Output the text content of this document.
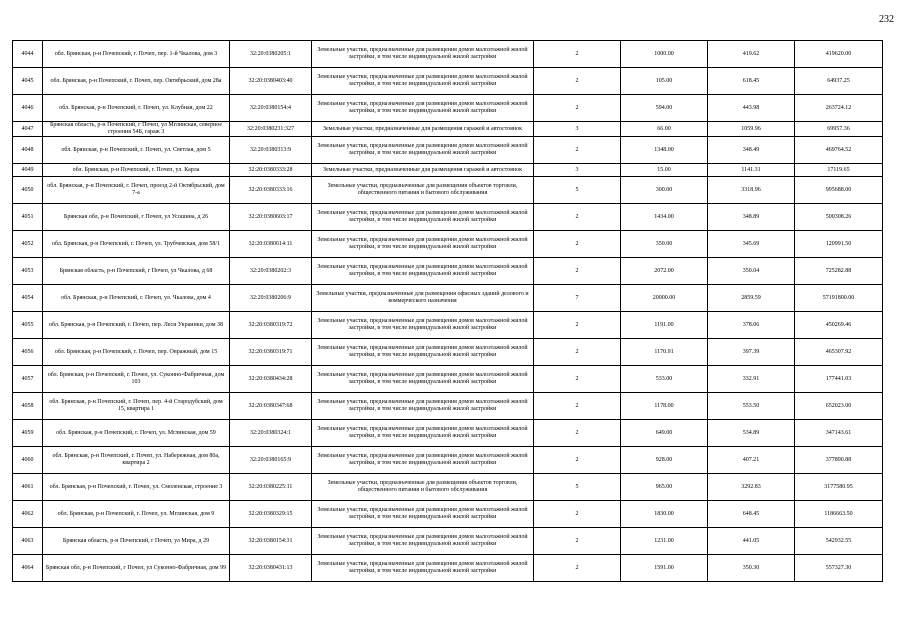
232
4044	обл. Брянская, р-н Почепский, г. Почеп, пер. 1-й Чкалова, дом 3	32:20:0380205:1	Земельные участки, предназначенные для размещения домов малоэтажной жилой застройки, в том числе индивидуальной жилой застройки	2	1000.00	419.62	419620.00
4045	обл. Брянская, р-н Почепский, г. Почеп, пер. Октябрьский, дом 28а	32:20:0380403:40	Земельные участки, предназначенные для размещения домов малоэтажной жилой застройки, в том числе индивидуальной жилой застройки	2	105.00	618.45	64937.25
4046	обл. Брянская, р-н Почепский, г. Почеп, ул. Клубная, дом 22	32:20:0380154:4	Земельные участки, предназначенные для размещения домов малоэтажной жилой застройки, в том числе индивидуальной жилой застройки	2	594.00	443.98	263724.12
4047	Брянская область, р-н Почепский, г Почеп, ул Мглинская, северное строения 54Б, гараж 3	32:20:0380231:327	Земельные участки, предназначенные для размещения гаражей и автостоянок	3	66.00	1059.96	69957.36
4048	обл. Брянская, р-н Почепский, г. Почеп, ул. Светлая, дом 5	32:20:0380313:9	Земельные участки, предназначенные для размещения домов малоэтажной жилой застройки, в том числе индивидуальной жилой застройки	2	1348.00	348.49	469764.52
4049	обл. Брянская, р-н Почепский, г. Почеп, ул. Карла	32:20:0380333:28	Земельные участки, предназначенные для размещения гаражей и автостоянок	3	15.00	1141.31	17119.65
4050	обл. Брянская, р-н Почепский, г. Почеп, проезд 2-й Октябрьский, дом 7-а	32:20:0380333:16	Земельные участки, предназначенные для размещения объектов торговли, общественного питания и бытового обслуживания	5	300.00	3318.96	995688.00
4051	Брянская обл, р-н Почепский, г Почеп, ул Усошина, д 26	32:20:0380603:17	Земельные участки, предназначенные для размещения домов малоэтажной жилой застройки, в том числе индивидуальной жилой застройки	2	1434.00	348.89	500308.26
4052	обл. Брянская, р-н Почепский, г. Почеп, ул. Трубчевская, дом 58/1	32:20:0380614:11	Земельные участки, предназначенные для размещения домов малоэтажной жилой застройки, в том числе индивидуальной жилой застройки	2	350.00	345.69	120991.50
4053	Брянская область, р-н Почепский, г Почеп, ул Чкалова, д 68	32:20:0380202:3	Земельные участки, предназначенные для размещения домов малоэтажной жилой застройки, в том числе индивидуальной жилой застройки	2	2072.00	350.04	725282.88
4054	обл. Брянская, р-н Почепский, г. Почеп, ул. Чкалова, дом 4	32:20:0380206:9	Земельные участки, предназначенные для размещения офисных зданий делового и коммерческого назначения	7	20000.00	2859.59	57191800.00
4055	обл. Брянская, р-н Почепский, г. Почеп, пер. Леси Украинки, дом 38	32:20:0380319:72	Земельные участки, предназначенные для размещения домов малоэтажной жилой застройки, в том числе индивидуальной жилой застройки	2	1191.00	378.06	450269.46
4056	обл. Брянская, р-н Почепский, г. Почеп, пер. Овражный, дом 15	32:20:0380319:71	Земельные участки, предназначенные для размещения домов малоэтажной жилой застройки, в том числе индивидуальной жилой застройки	2	1170.91	397.39	465307.92
4057	обл. Брянская, р-н Почепский, г. Почеп, ул. Суконно-Фабричная, дом 103	32:20:0380434:28	Земельные участки, предназначенные для размещения домов малоэтажной жилой застройки, в том числе индивидуальной жилой застройки	2	533.00	332.91	177441.03
4058	обл. Брянская, р-н Почепский, г. Почеп, пер. 4-й Стародубский, дом 15, квартира 1	32:20:0380347:68	Земельные участки, предназначенные для размещения домов малоэтажной жилой застройки, в том числе индивидуальной жилой застройки	2	1178.00	553.50	652023.00
4059	обл. Брянская, р-н Почепский, г. Почеп, ул. Мглинская, дом 59	32:20:0380324:1	Земельные участки, предназначенные для размещения домов малоэтажной жилой застройки, в том числе индивидуальной жилой застройки	2	649.00	534.89	347143.61
4060	обл. Брянская, р-н Почепский, г. Почеп, ул. Набережная, дом 80а, квартира 2	32:20:0380165:9	Земельные участки, предназначенные для размещения домов малоэтажной жилой застройки, в том числе индивидуальной жилой застройки	2	928.00	407.21	377890.88
4061	обл. Брянская, р-н Почепский, г. Почеп, ул. Смоленская, строение 3	32:20:0380225:11	Земельные участки, предназначенные для размещения объектов торговли, общественного питания и бытового обслуживания	5	965.00	3292.83	3177580.95
4062	обл. Брянская, р-н Почепский, г. Почеп, ул. Мглинская, дом 9	32:20:0380329:15	Земельные участки, предназначенные для размещения домов малоэтажной жилой застройки, в том числе индивидуальной жилой застройки	2	1830.00	648.45	1186663.50
4063	Брянская область, р-н Почепский, г Почеп, ул Мира, д 29	32:20:0380154:31	Земельные участки, предназначенные для размещения домов малоэтажной жилой застройки, в том числе индивидуальной жилой застройки	2	1231.00	441.05	542932.55
4064	Брянская обл, р-н Почепский, г Почеп, ул Суконно-Фабричная, дом 99	32:20:0380431:13	Земельные участки, предназначенные для размещения домов малоэтажной жилой застройки, в том числе индивидуальной жилой застройки	2	1591.00	350.30	557327.30
